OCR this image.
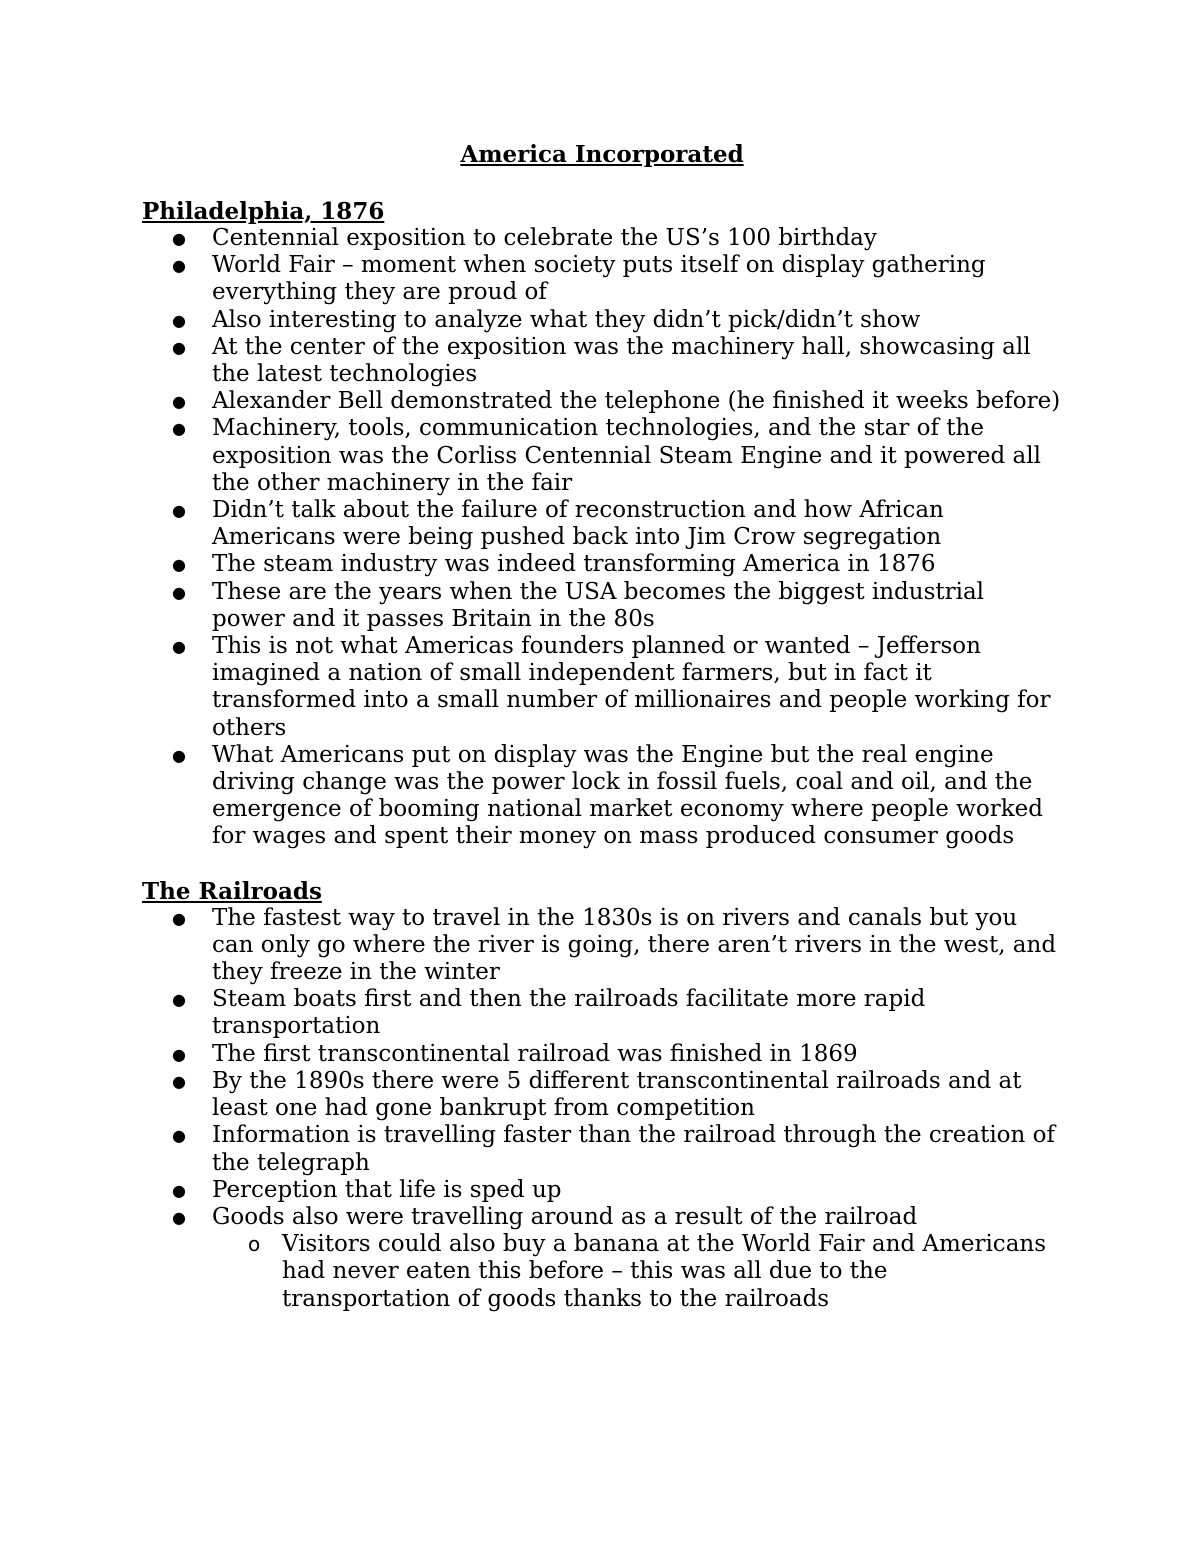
America Incorporated
Philadelphia, 1876
● Centennial exposition to celebrate the US’s 100 birthday
● World Fair – moment when society puts itself on display gathering everything they are proud of
● Also interesting to analyze what they didn’t pick/didn’t show
● At the center of the exposition was the machinery hall, showcasing all the latest technologies
● Alexander Bell demonstrated the telephone (he finished it weeks before)
● Machinery, tools, communication technologies, and the star of the exposition was the Corliss Centennial Steam Engine and it powered all the other machinery in the fair
● Didn’t talk about the failure of reconstruction and how African Americans were being pushed back into Jim Crow segregation
● The steam industry was indeed transforming America in 1876
● These are the years when the USA becomes the biggest industrial power and it passes Britain in the 80s
● This is not what Americas founders planned or wanted – Jefferson imagined a nation of small independent farmers, but in fact it transformed into a small number of millionaires and people working for others
● What Americans put on display was the Engine but the real engine driving change was the power lock in fossil fuels, coal and oil, and the emergence of booming national market economy where people worked for wages and spent their money on mass produced consumer goods
The Railroads
● The fastest way to travel in the 1830s is on rivers and canals but you can only go where the river is going, there aren’t rivers in the west, and they freeze in the winter
● Steam boats first and then the railroads facilitate more rapid transportation
● The first transcontinental railroad was finished in 1869
● By the 1890s there were 5 different transcontinental railroads and at least one had gone bankrupt from competition
● Information is travelling faster than the railroad through the creation of the telegraph
● Perception that life is sped up
● Goods also were travelling around as a result of the railroad
o Visitors could also buy a banana at the World Fair and Americans had never eaten this before – this was all due to the transportation of goods thanks to the railroads
